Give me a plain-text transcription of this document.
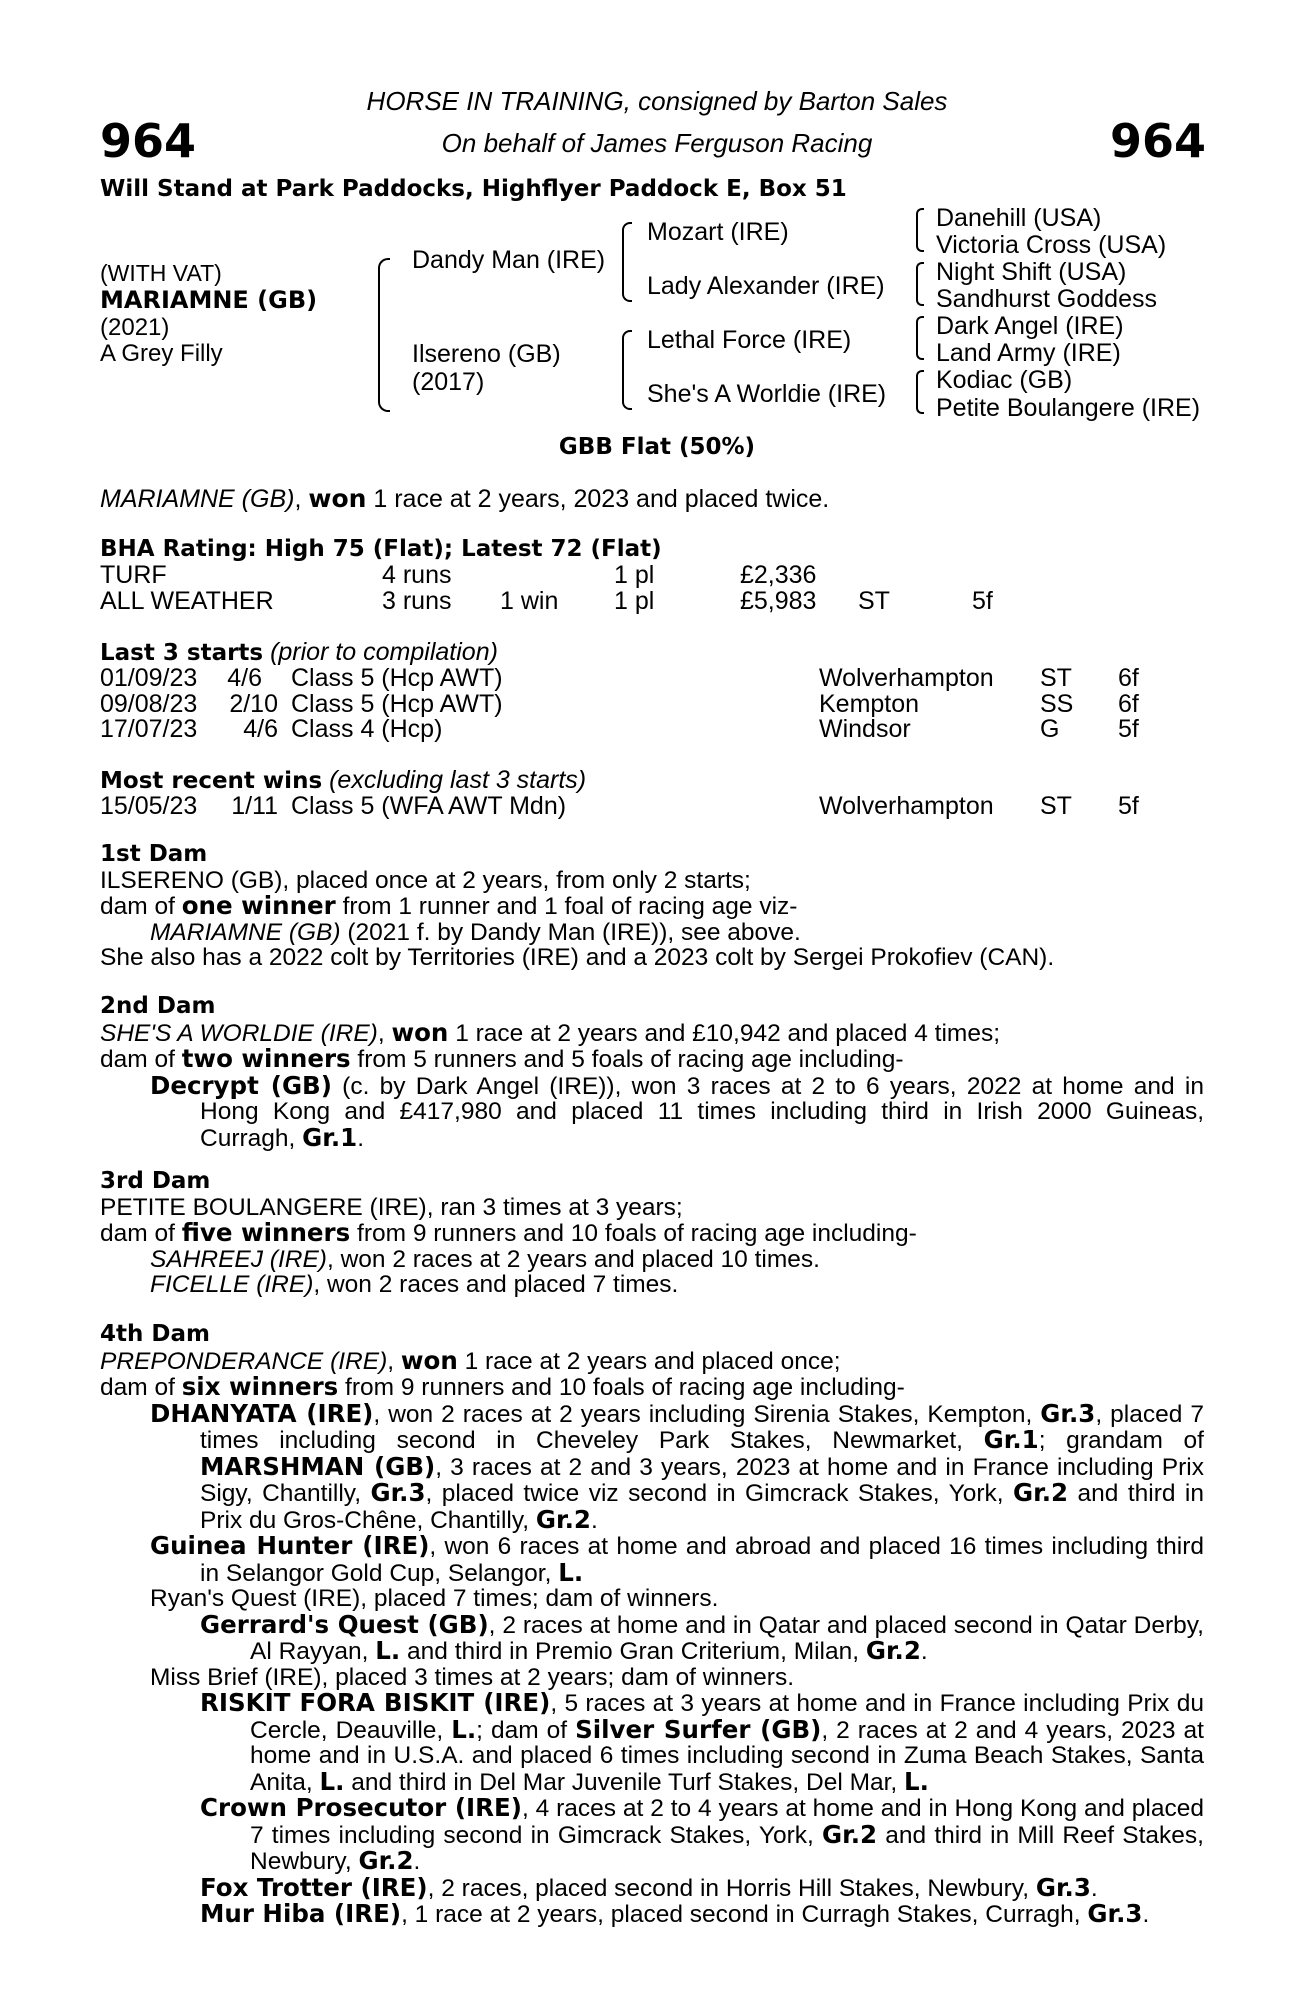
964	964
HORSE IN TRAINING, consigned by Barton Sales
On behalf of James Ferguson Racing
Will Stand at Park Paddocks, Highflyer Paddock E, Box 51
(WITH VAT)
MARIAMNE (GB)
(2021)
A Grey Filly
Dandy Man (IRE)
Ilsereno (GB)
(2017)
Mozart (IRE)
Lady Alexander (IRE)
Lethal Force (IRE)
She's A Worldie (IRE)
Danehill (USA)
Victoria Cross (USA)
Night Shift (USA)
Sandhurst Goddess
Dark Angel (IRE)
Land Army (IRE)
Kodiac (GB)
Petite Boulangere (IRE)
GBB Flat (50%)
MARIAMNE (GB), won 1 race at 2 years, 2023 and placed twice.
BHA Rating: High 75 (Flat); Latest 72 (Flat)
TURF	4 runs	1 pl	£2,336
ALL WEATHER	3 runs 1 win 1 pl	£5,983 ST	5f
Last 3 starts (prior to compilation)
01/09/23	4/6 Class 5 (Hcp AWT)	Wolverhampton ST 6f
09/08/23	2/10 Class 5 (Hcp AWT)	Kempton	SS 6f
17/07/23	4/6 Class 4 (Hcp)	Windsor	G 5f
Most recent wins (excluding last 3 starts)
15/05/23	1/11 Class 5 (WFA AWT Mdn)	Wolverhampton ST 5f

1st Dam

ILSERENO (GB), placed once at 2 years, from only 2 starts;

dam of one winner from 1 runner and 1 foal of racing age viz-

MARIAMNE (GB) (2021 f. by Dandy Man (IRE)), see above.

She also has a 2022 colt by Territories (IRE) and a 2023 colt by Sergei Prokofiev (CAN).

2nd Dam

SHE'S A WORLDIE (IRE), won 1 race at 2 years and £10,942 and placed 4 times;

dam of two winners from 5 runners and 5 foals of racing age including-

Decrypt (GB) (c. by Dark Angel (IRE)), won 3 races at 2 to 6 years, 2022 at home and in Hong Kong and £417,980 and placed 11 times including third in Irish 2000 Guineas, Curragh, Gr.1.

3rd Dam

PETITE BOULANGERE (IRE), ran 3 times at 3 years;

dam of five winners from 9 runners and 10 foals of racing age including-

SAHREEJ (IRE), won 2 races at 2 years and placed 10 times.

FICELLE (IRE), won 2 races and placed 7 times.

4th Dam

PREPONDERANCE (IRE), won 1 race at 2 years and placed once;

dam of six winners from 9 runners and 10 foals of racing age including-

DHANYATA (IRE), won 2 races at 2 years including Sirenia Stakes, Kempton, Gr.3, placed 7 times including second in Cheveley Park Stakes, Newmarket, Gr.1; grandam of MARSHMAN (GB), 3 races at 2 and 3 years, 2023 at home and in France including Prix Sigy, Chantilly, Gr.3, placed twice viz second in Gimcrack Stakes, York, Gr.2 and third in Prix du Gros-Chêne, Chantilly, Gr.2.

Guinea Hunter (IRE), won 6 races at home and abroad and placed 16 times including third in Selangor Gold Cup, Selangor, L.

Ryan's Quest (IRE), placed 7 times; dam of winners.

Gerrard's Quest (GB), 2 races at home and in Qatar and placed second in Qatar Derby, Al Rayyan, L. and third in Premio Gran Criterium, Milan, Gr.2.

Miss Brief (IRE), placed 3 times at 2 years; dam of winners.

RISKIT FORA BISKIT (IRE), 5 races at 3 years at home and in France including Prix du Cercle, Deauville, L.; dam of Silver Surfer (GB), 2 races at 2 and 4 years, 2023 at home and in U.S.A. and placed 6 times including second in Zuma Beach Stakes, Santa Anita, L. and third in Del Mar Juvenile Turf Stakes, Del Mar, L.

Crown Prosecutor (IRE), 4 races at 2 to 4 years at home and in Hong Kong and placed 7 times including second in Gimcrack Stakes, York, Gr.2 and third in Mill Reef Stakes, Newbury, Gr.2.

Fox Trotter (IRE), 2 races, placed second in Horris Hill Stakes, Newbury, Gr.3.

Mur Hiba (IRE), 1 race at 2 years, placed second in Curragh Stakes, Curragh, Gr.3.
